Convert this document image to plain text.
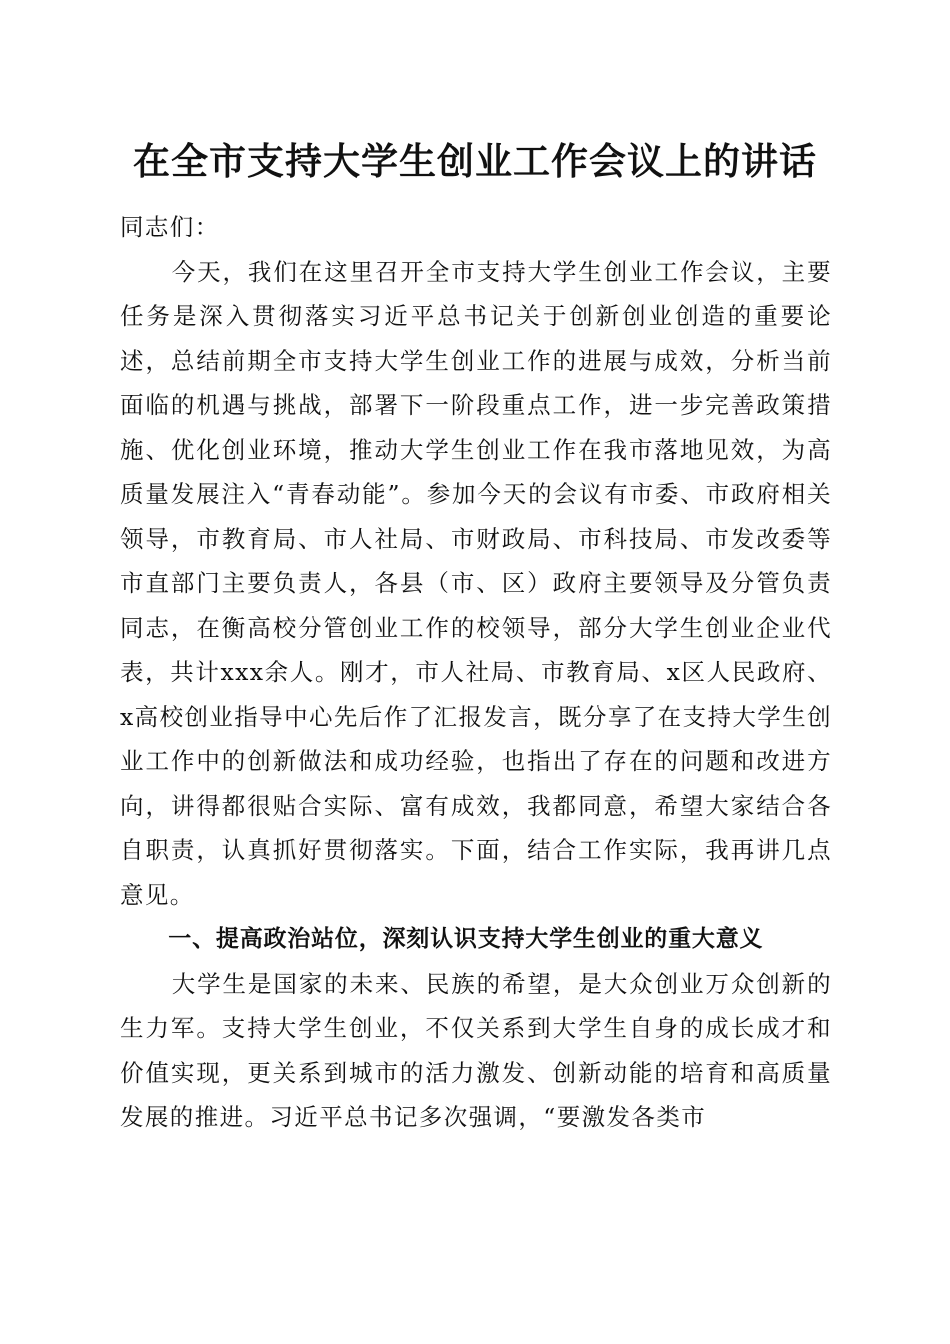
在全市支持大学生创业工作会议上的讲话

同志们：

今天，我们在这里召开全市支持大学生创业工作会议，主要任务是深入贯彻落实习近平总书记关于创新创业创造的重要论述，总结前期全市支持大学生创业工作的进展与成效，分析当前面临的机遇与挑战，部署下一阶段重点工作，进一步完善政策措施、优化创业环境，推动大学生创业工作在我市落地见效，为高质量发展注入“青春动能”。参加今天的会议有市委、市政府相关领导，市教育局、市人社局、市财政局、市科技局、市发改委等市直部门主要负责人，各县（市、区）政府主要领导及分管负责同志，在衡高校分管创业工作的校领导，部分大学生创业企业代表，共计xxx余人。刚才，市人社局、市教育局、x区人民政府、x高校创业指导中心先后作了汇报发言，既分享了在支持大学生创业工作中的创新做法和成功经验，也指出了存在的问题和改进方向，讲得都很贴合实际、富有成效，我都同意，希望大家结合各自职责，认真抓好贯彻落实。下面，结合工作实际，我再讲几点意见。

一、提高政治站位，深刻认识支持大学生创业的重大意义

大学生是国家的未来、民族的希望，是大众创业万众创新的生力军。支持大学生创业，不仅关系到大学生自身的成长成才和价值实现，更关系到城市的活力激发、创新动能的培育和高质量发展的推进。习近平总书记多次强调，“要激发各类市
